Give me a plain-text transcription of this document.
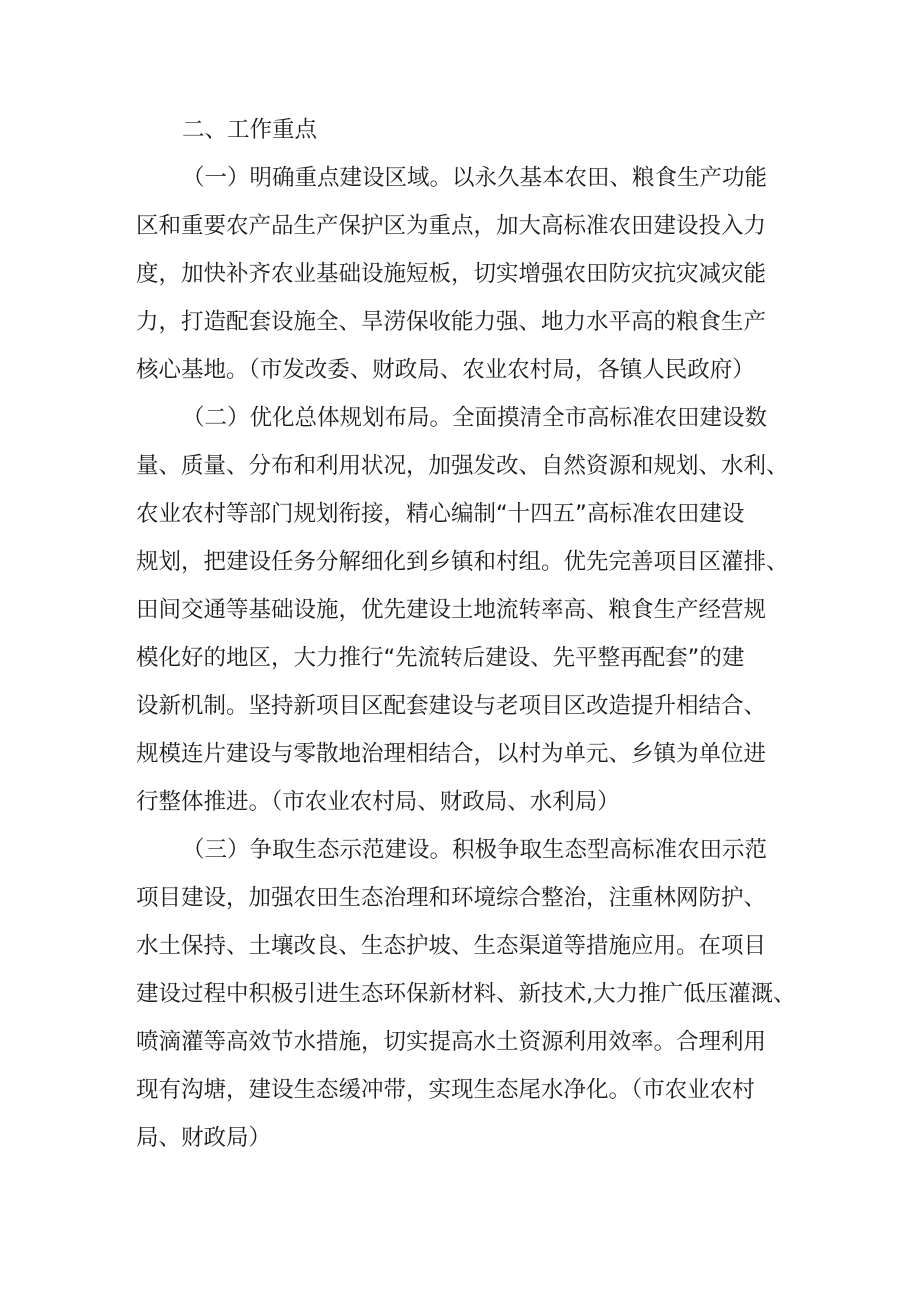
二、工作重点
（一）明确重点建设区域。以永久基本农田、粮食生产功能
区和重要农产品生产保护区为重点，加大高标准农田建设投入力
度，加快补齐农业基础设施短板，切实增强农田防灾抗灾减灾能
力，打造配套设施全、旱涝保收能力强、地力水平高的粮食生产
核心基地。（市发改委、财政局、农业农村局，各镇人民政府）
（二）优化总体规划布局。全面摸清全市高标准农田建设数
量、质量、分布和利用状况，加强发改、自然资源和规划、水利、
农业农村等部门规划衔接，精心编制“十四五”高标准农田建设
规划，把建设任务分解细化到乡镇和村组。优先完善项目区灌排、
田间交通等基础设施，优先建设土地流转率高、粮食生产经营规
模化好的地区，大力推行“先流转后建设、先平整再配套”的建
设新机制。坚持新项目区配套建设与老项目区改造提升相结合、
规模连片建设与零散地治理相结合，以村为单元、乡镇为单位进
行整体推进。（市农业农村局、财政局、水利局）
（三）争取生态示范建设。积极争取生态型高标准农田示范
项目建设，加强农田生态治理和环境综合整治，注重林网防护、
水土保持、土壤改良、生态护坡、生态渠道等措施应用。在项目
建设过程中积极引进生态环保新材料、新技术,大力推广低压灌溉、
喷滴灌等高效节水措施，切实提高水土资源利用效率。合理利用
现有沟塘，建设生态缓冲带，实现生态尾水净化。（市农业农村
局、财政局）
